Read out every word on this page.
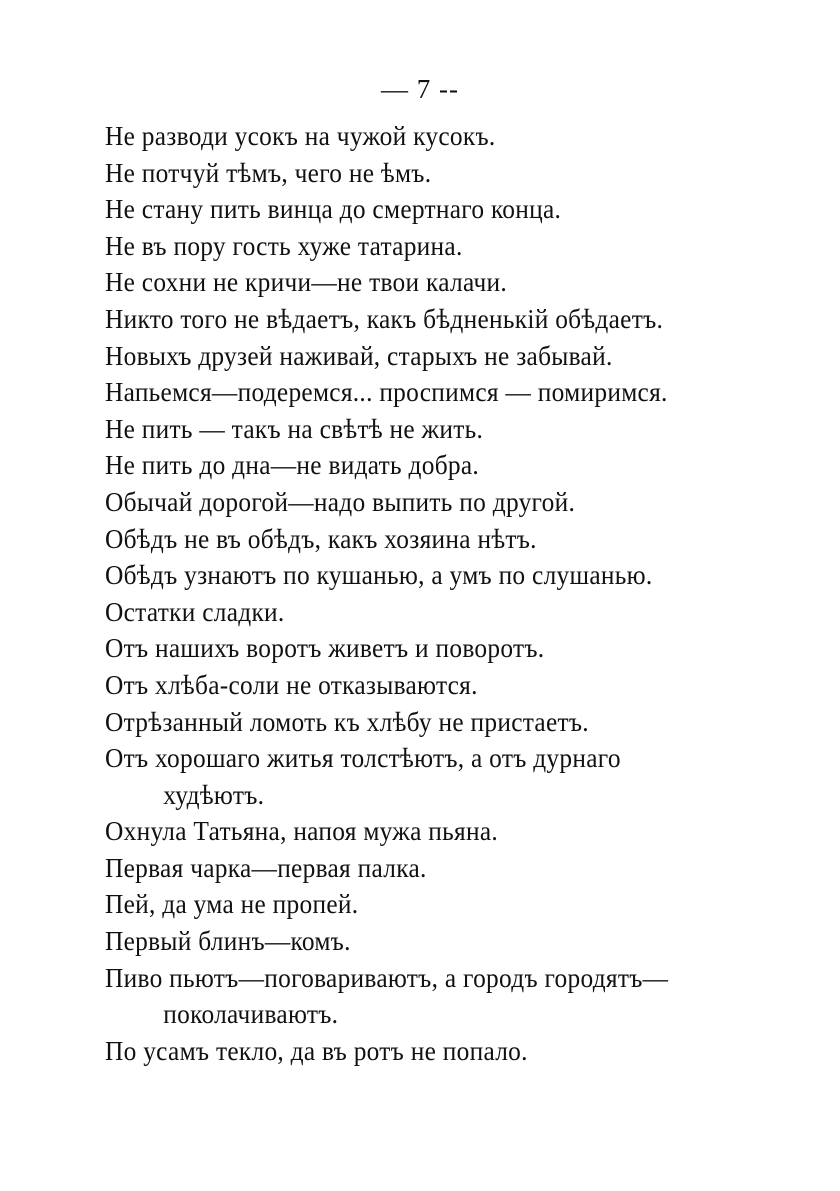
— 7 --
Не разводи усокъ на чужой кусокъ.
Не потчуй тѣмъ, чего не ѣмъ.
Не стану пить винца до смертнаго конца.
Не въ пору гость хуже татарина.
Не сохни не кричи—не твои калачи.
Никто того не вѣдаетъ, какъ бѣдненькій обѣдаетъ.
Новыхъ друзей наживай, старыхъ не забывай.
Напьемся—подеремся... проспимся — помиримся.
Не пить — такъ на свѣтѣ не жить.
Не пить до дна—не видать добра.
Обычай дорогой—надо выпить по другой.
Обѣдъ не въ обѣдъ, какъ хозяина нѣтъ.
Обѣдъ узнаютъ по кушанью, а умъ по слушанью.
Остатки сладки.
Отъ нашихъ воротъ живетъ и поворотъ.
Отъ хлѣба-соли не отказываются.
Отрѣзанный ломоть къ хлѣбу не пристаетъ.
Отъ хорошаго житья толстѣютъ, а отъ дурнаго
худѣютъ.
Охнула Татьяна, напоя мужа пьяна.
Первая чарка—первая палка.
Пей, да ума не пропей.
Первый блинъ—комъ.
Пиво пьютъ—поговариваютъ, а городъ городятъ—
поколачиваютъ.
По усамъ текло, да въ ротъ не попало.
